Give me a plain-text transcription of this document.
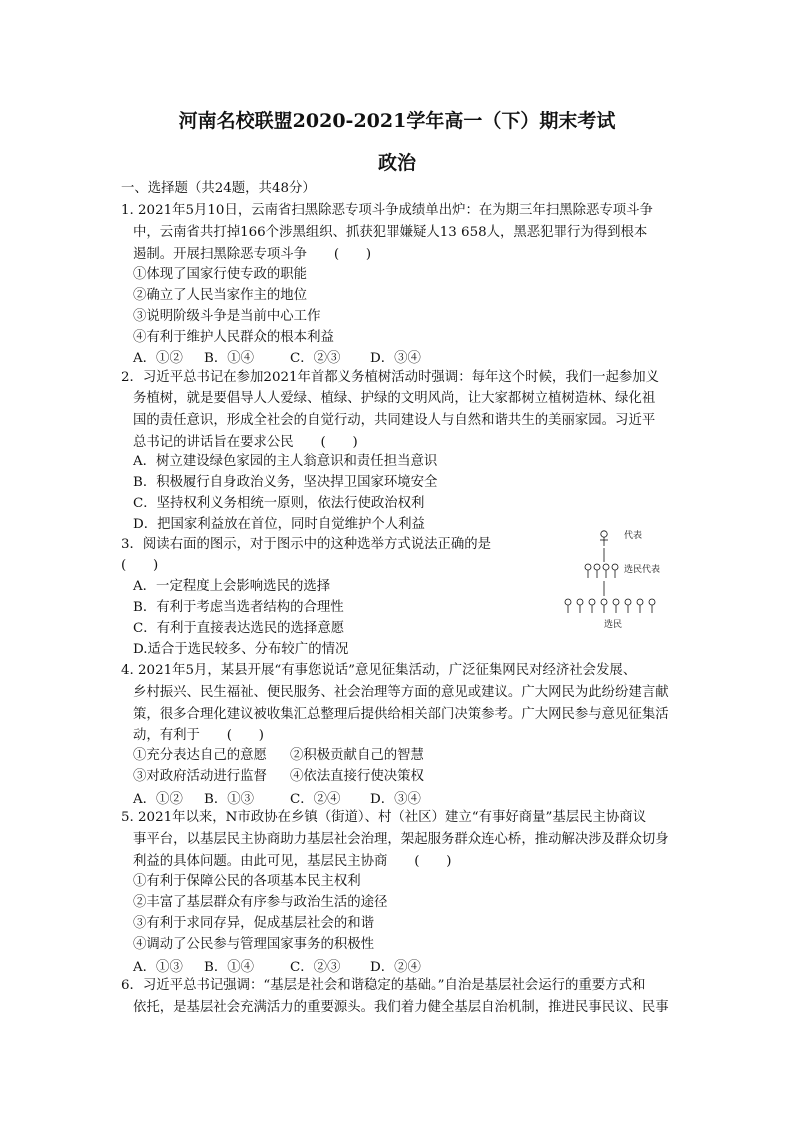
河南名校联盟2020-2021学年高一（下）期末考试
政治
一、选择题（共24题，共48分）
1. 2021年5月10日，云南省扫黑除恶专项斗争成绩单出炉：在为期三年扫黑除恶专项斗争
中，云南省共打掉166个涉黑组织、抓获犯罪嫌疑人13 658人，黑恶犯罪行为得到根本
遏制。开展扫黑除恶专项斗争　　(　　)
①体现了国家行使专政的职能
②确立了人民当家作主的地位
③说明阶级斗争是当前中心工作
④有利于维护人民群众的根本利益
A．①② B．①④	C．②③ D．③④
2．习近平总书记在参加2021年首都义务植树活动时强调：每年这个时候，我们一起参加义
务植树，就是要倡导人人爱绿、植绿、护绿的文明风尚，让大家都树立植树造林、绿化祖
国的责任意识，形成全社会的自觉行动，共同建设人与自然和谐共生的美丽家园。习近平
总书记的讲话旨在要求公民　　(　　)
A．树立建设绿色家园的主人翁意识和责任担当意识
B．积极履行自身政治义务，坚决捍卫国家环境安全
C．坚持权利义务相统一原则，依法行使政治权利
D．把国家利益放在首位，同时自觉维护个人利益
3．阅读右面的图示，对于图示中的这种选举方式说法正确的是
(　　)
A．一定程度上会影响选民的选择
B．有利于考虑当选者结构的合理性
C．有利于直接表达选民的选择意愿
D.适合于选民较多、分布较广的情况
代表
选民代表
选民
4. 2021年5月，某县开展“有事您说话”意见征集活动，广泛征集网民对经济社会发展、
乡村振兴、民生福祉、便民服务、社会治理等方面的意见或建议。广大网民为此纷纷建言献
策，很多合理化建议被收集汇总整理后提供给相关部门决策参考。广大网民参与意见征集活
动，有利于　　(　　)
①充分表达自己的意愿 ②积极贡献自己的智慧
③对政府活动进行监督 ④依法直接行使决策权
A．①② B．①③	C．②④ D．③④
5. 2021年以来，N市政协在乡镇（街道）、村（社区）建立“有事好商量”基层民主协商议
事平台，以基层民主协商助力基层社会治理，架起服务群众连心桥，推动解决涉及群众切身
利益的具体问题。由此可见，基层民主协商　　(　　)
①有利于保障公民的各项基本民主权利
②丰富了基层群众有序参与政治生活的途径
③有利于求同存异，促成基层社会的和谐
④调动了公民参与管理国家事务的积极性
A．①③ B．①④	C．②③ D．②④
6．习近平总书记强调：“基层是社会和谐稳定的基础。”自治是基层社会运行的重要方式和
依托，是基层社会充满活力的重要源头。我们着力健全基层自治机制，推进民事民议、民事
